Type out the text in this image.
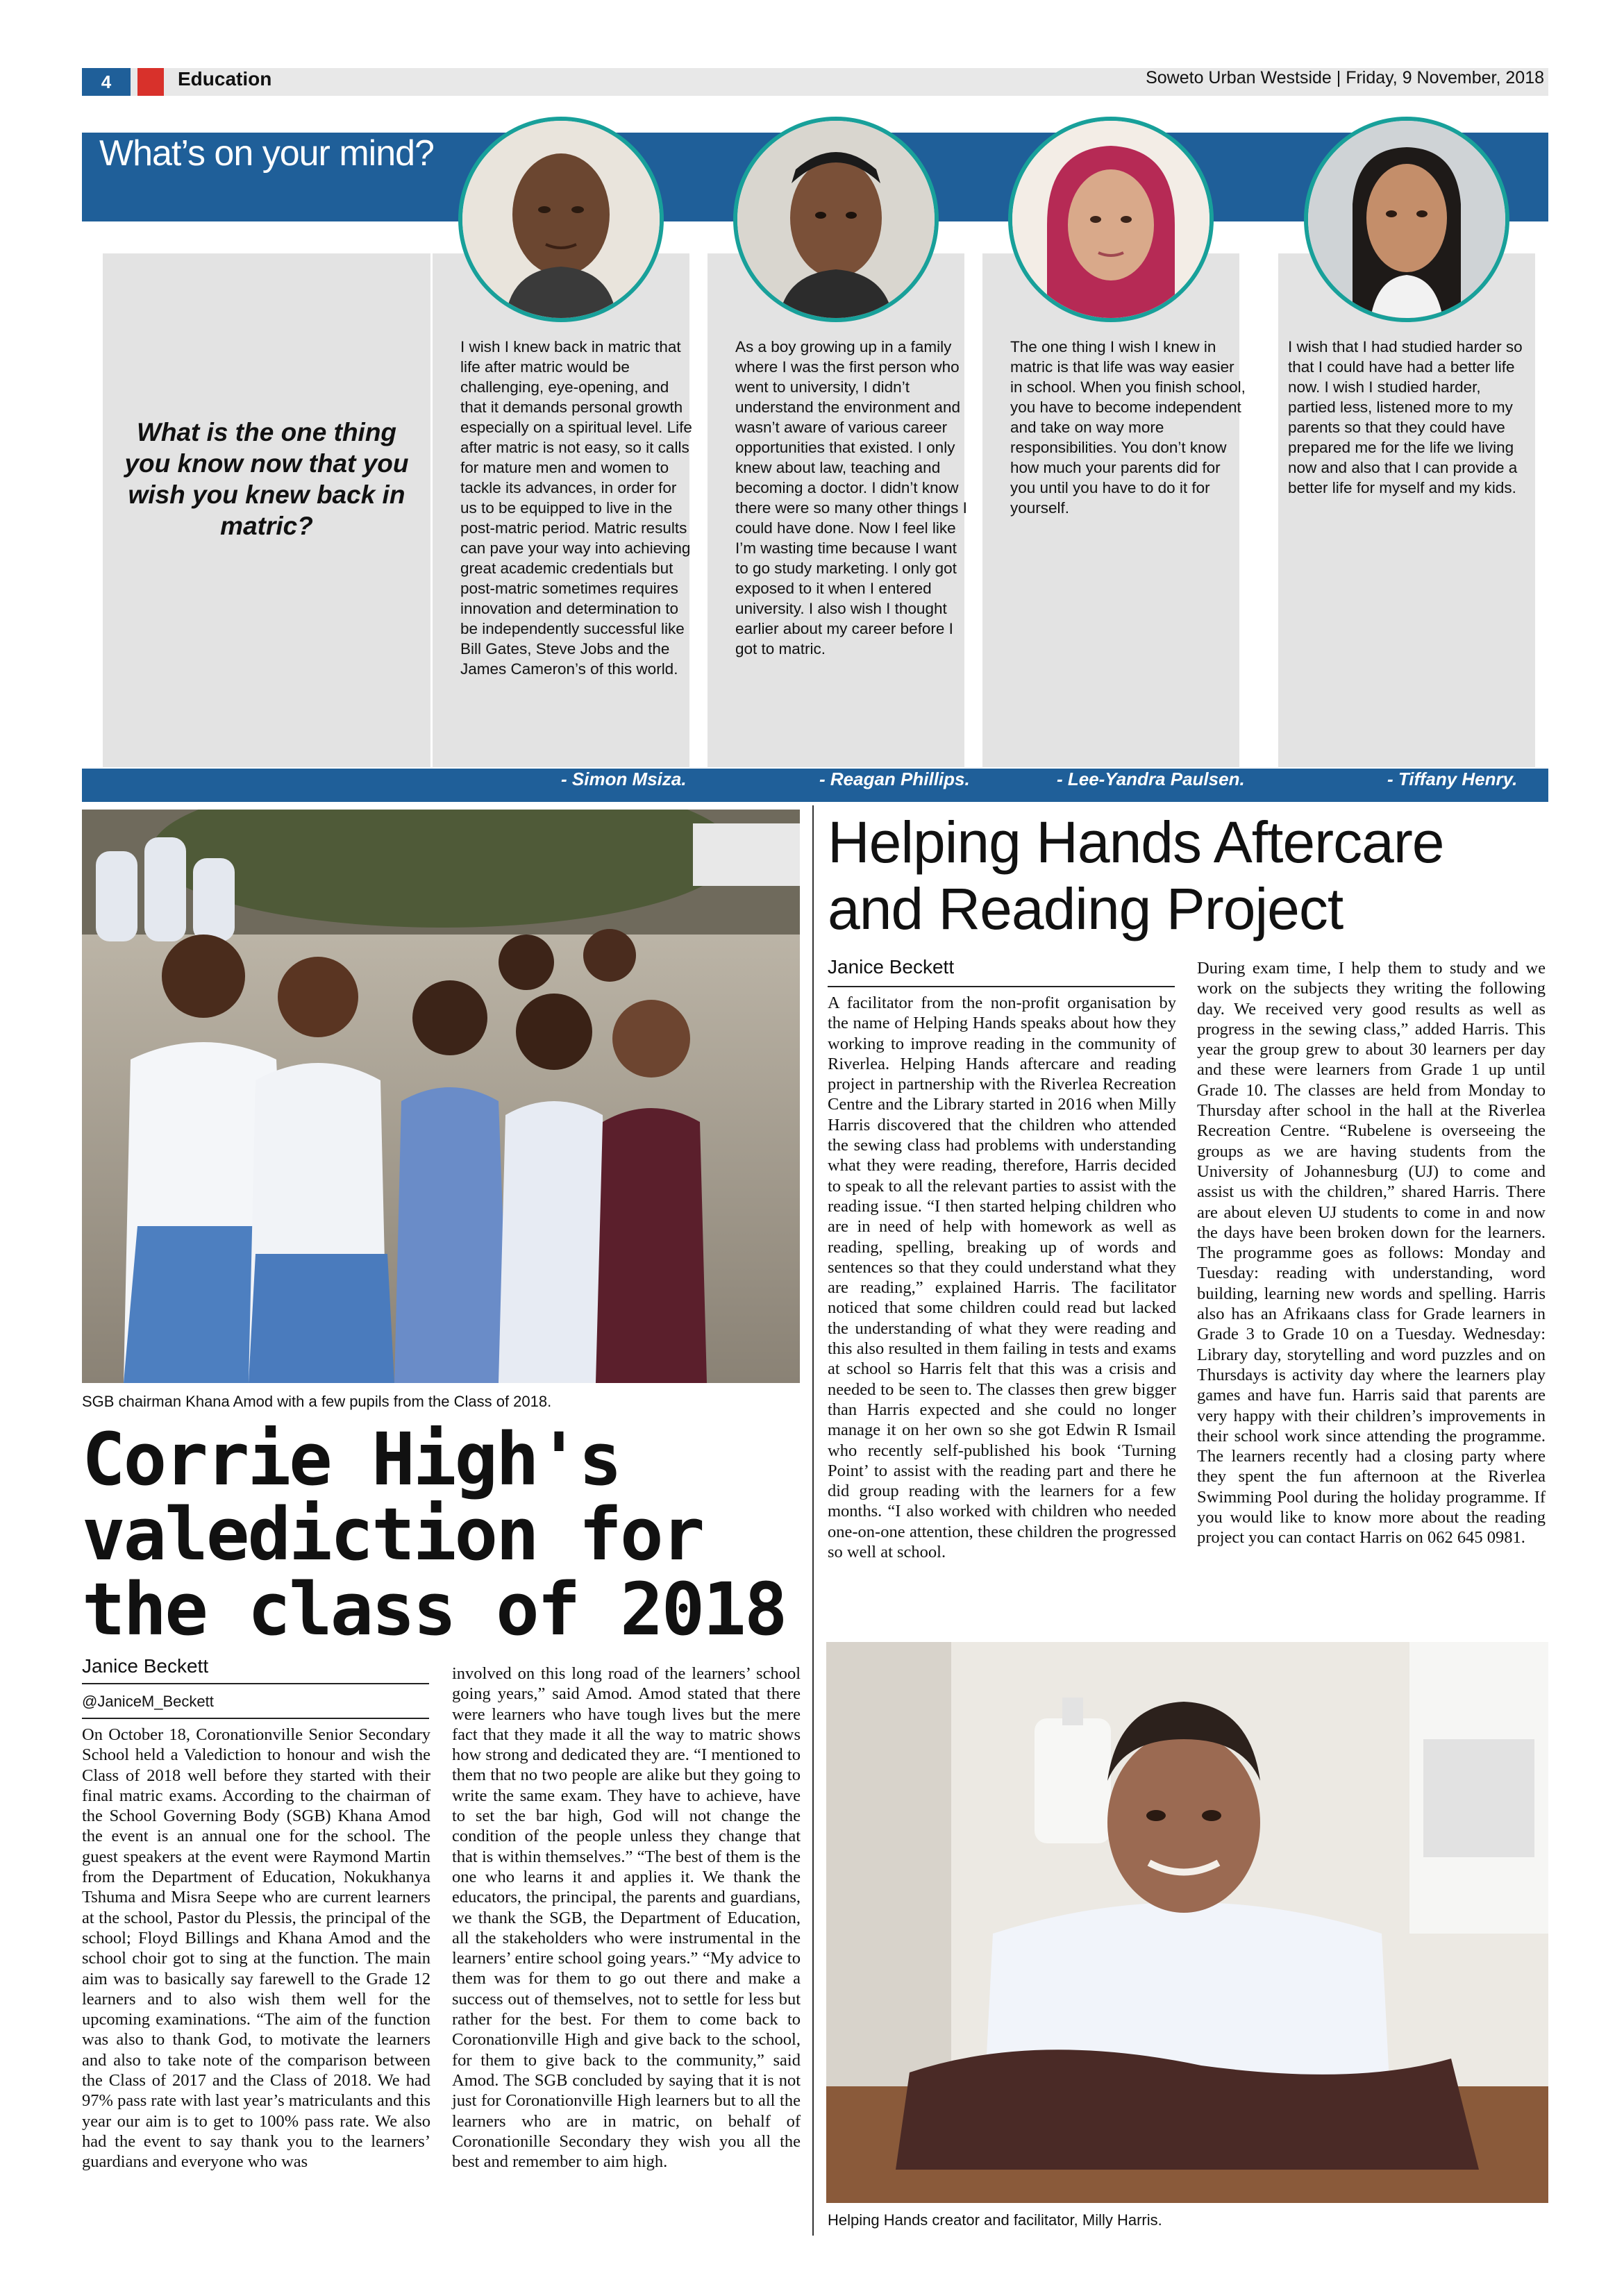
4	Education	Soweto Urban Westside | Friday, 9 November, 2018
What’s on your mind?
What is the one thing you know now that you wish you knew back in matric?
I wish I knew back in matric that life after matric would be challenging, eye-opening, and that it demands personal growth especially on a spiritual level. Life after matric is not easy, so it calls for mature men and women to tackle its advances, in order for us to be equipped to live in the post-matric period. Matric results can pave your way into achieving great academic credentials but post-matric sometimes requires innovation and determination to be independently successful like Bill Gates, Steve Jobs and the James Cameron’s of this world.
As a boy growing up in a family where I was the first person who went to university, I didn’t understand the environment and wasn’t aware of various career opportunities that existed. I only knew about law, teaching and becoming a doctor. I didn’t know there were so many other things I could have done. Now I feel like I’m wasting time because I want to go study marketing. I only got exposed to it when I entered university. I also wish I thought earlier about my career before I got to matric.
The one thing I wish I knew in matric is that life was way easier in school. When you finish school, you have to become independent and take on way more responsibilities. You don’t know how much your parents did for you until you have to do it for yourself.
I wish that I had studied harder so that I could have had a better life now. I wish I studied harder, partied less, listened more to my parents so that they could have prepared me for the life we living now and also that I can provide a better life for myself and my kids.
- Simon Msiza.	- Reagan Phillips.	- Lee-Yandra Paulsen.	- Tiffany Henry.
SGB chairman Khana Amod with a few pupils from the Class of 2018.
Corrie High's valediction for the class of 2018
Janice Beckett
@JaniceM_Beckett
On October 18, Coronationville Senior Secondary School held a Valediction to honour and wish the Class of 2018 well before they started with their final matric exams. According to the chairman of the School Governing Body (SGB) Khana Amod the event is an annual one for the school. The guest speakers at the event were Raymond Martin from the Department of Education, Nokukhanya Tshuma and Misra Seepe who are current learners at the school, Pastor du Plessis, the principal of the school; Floyd Billings and Khana Amod and the school choir got to sing at the function. The main aim was to basically say farewell to the Grade 12 learners and to also wish them well for the upcoming examinations. “The aim of the function was also to thank God, to motivate the learners and also to take note of the comparison between the Class of 2017 and the Class of 2018. We had 97% pass rate with last year’s matriculants and this year our aim is to get to 100% pass rate. We also had the event to say thank you to the learners’ guardians and everyone who was
involved on this long road of the learners’ school going years,” said Amod. Amod stated that there were learners who have tough lives but the mere fact that they made it all the way to matric shows how strong and dedicated they are. “I mentioned to them that no two people are alike but they going to write the same exam. They have to achieve, have to set the bar high, God will not change the condition of the people unless they change that that is within themselves.” “The best of them is the one who learns it and applies it. We thank the educators, the principal, the parents and guardians, we thank the SGB, the Department of Education, all the stakeholders who were instrumental in the learners’ entire school going years.” “My advice to them was for them to go out there and make a success out of themselves, not to settle for less but rather for the best. For them to come back to Coronationville High and give back to the school, for them to give back to the community,” said Amod. The SGB concluded by saying that it is not just for Coronationville High learners but to all the learners who are in matric, on behalf of Coronationille Secondary they wish you all the best and remember to aim high.
Helping Hands Aftercare and Reading Project
Janice Beckett
A facilitator from the non-profit organisation by the name of Helping Hands speaks about how they working to improve reading in the community of Riverlea. Helping Hands aftercare and reading project in partnership with the Riverlea Recreation Centre and the Library started in 2016 when Milly Harris discovered that the children who attended the sewing class had problems with understanding what they were reading, therefore, Harris decided to speak to all the relevant parties to assist with the reading issue. “I then started helping children who are in need of help with homework as well as reading, spelling, breaking up of words and sentences so that they could understand what they are reading,” explained Harris. The facilitator noticed that some children could read but lacked the understanding of what they were reading and this also resulted in them failing in tests and exams at school so Harris felt that this was a crisis and needed to be seen to. The classes then grew bigger than Harris expected and she could no longer manage it on her own so she got Edwin R Ismail who recently self-published his book ‘Turning Point’ to assist with the reading part and there he did group reading with the learners for a few months. “I also worked with children who needed one-on-one attention, these children the progressed so well at school.
During exam time, I help them to study and we work on the subjects they writing the following day. We received very good results as well as progress in the sewing class,” added Harris. This year the group grew to about 30 learners per day and these were learners from Grade 1 up until Grade 10. The classes are held from Monday to Thursday after school in the hall at the Riverlea Recreation Centre. “Rubelene is overseeing the groups as we are having students from the University of Johannesburg (UJ) to come and assist us with the children,” shared Harris. There are about eleven UJ students to come in and now the days have been broken down for the learners. The programme goes as follows: Monday and Tuesday: reading with understanding, word building, learning new words and spelling. Harris also has an Afrikaans class for Grade learners in Grade 3 to Grade 10 on a Tuesday. Wednesday: Library day, storytelling and word puzzles and on Thursdays is activity day where the learners play games and have fun. Harris said that parents are very happy with their children’s improvements in their school work since attending the programme. The learners recently had a closing party where they spent the fun afternoon at the Riverlea Swimming Pool during the holiday programme. If you would like to know more about the reading project you can contact Harris on 062 645 0981.
Helping Hands creator and facilitator, Milly Harris.
